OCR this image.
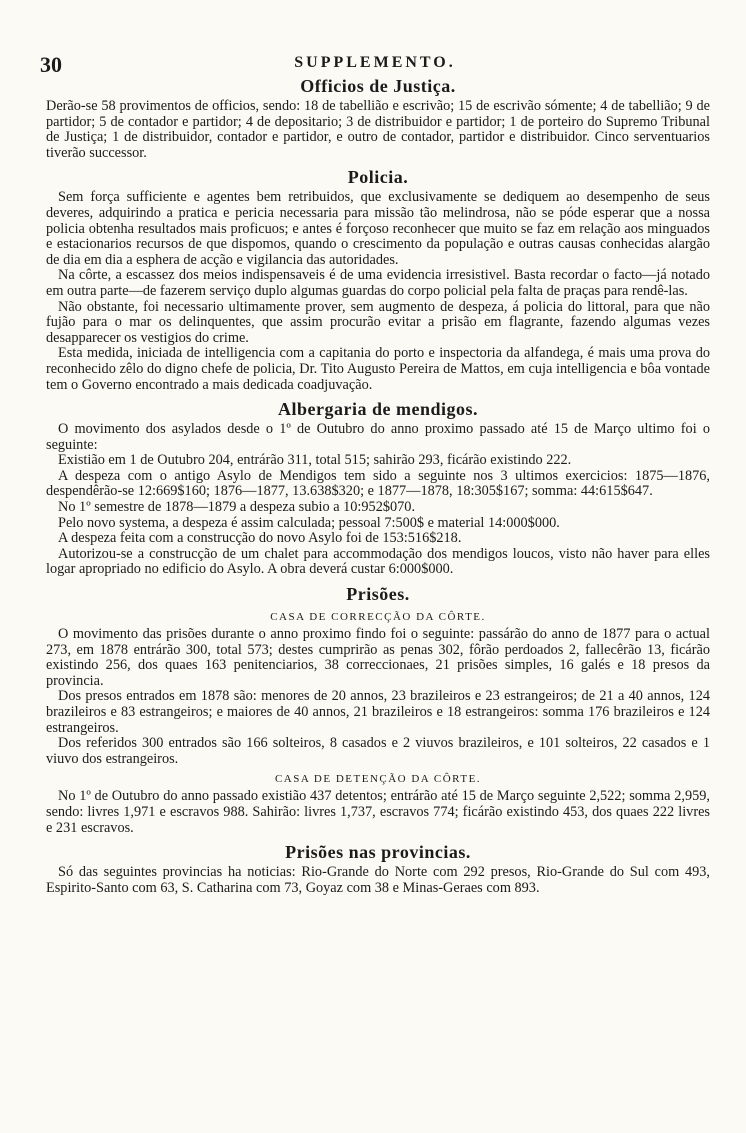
30	SUPPLEMENTO.
Officios de Justiça.

Derão-se 58 provimentos de officios, sendo: 18 de tabellião e escrivão; 15 de escrivão sómente; 4 de tabellião; 9 de partidor; 5 de contador e partidor; 4 de depositario; 3 de distribuidor e partidor; 1 de porteiro do Supremo Tribunal de Justiça; 1 de distribuidor, contador e partidor, e outro de contador, partidor e distribuidor. Cinco serventuarios tiverão successor.

Policia.

Sem força sufficiente e agentes bem retribuidos, que exclusivamente se dediquem ao desempenho de seus deveres, adquirindo a pratica e pericia necessaria para missão tão melindrosa, não se póde esperar que a nossa policia obtenha resultados mais proficuos; e antes é forçoso reconhecer que muito se faz em relação aos minguados e estacionarios recursos de que dispomos, quando o crescimento da população e outras causas conhecidas alargão de dia em dia a esphera de acção e vigilancia das autoridades.

Na côrte, a escassez dos meios indispensaveis é de uma evidencia irresistivel. Basta recordar o facto—já notado em outra parte—de fazerem serviço duplo algumas guardas do corpo policial pela falta de praças para rendê-las.

Não obstante, foi necessario ultimamente prover, sem augmento de despeza, á policia do littoral, para que não fujão para o mar os delinquentes, que assim procurão evitar a prisão em flagrante, fazendo algumas vezes desapparecer os vestigios do crime.

Esta medida, iniciada de intelligencia com a capitania do porto e inspectoria da alfandega, é mais uma prova do reconhecido zêlo do digno chefe de policia, Dr. Tito Augusto Pereira de Mattos, em cuja intelligencia e bôa vontade tem o Governo encontrado a mais dedicada coadjuvação.

Albergaria de mendigos.

O movimento dos asylados desde o 1º de Outubro do anno proximo passado até 15 de Março ultimo foi o seguinte:

Existião em 1 de Outubro 204, entrárão 311, total 515; sahirão 293, ficárão existindo 222.

A despeza com o antigo Asylo de Mendigos tem sido a seguinte nos 3 ultimos exercicios: 1875—1876, despendêrão-se 12:669$160; 1876—1877, 13.638$320; e 1877—1878, 18:305$167; somma: 44:615$647.

No 1º semestre de 1878—1879 a despeza subio a 10:952$070.

Pelo novo systema, a despeza é assim calculada; pessoal 7:500$ e material 14:000$000.

A despeza feita com a construcção do novo Asylo foi de 153:516$218.

Autorizou-se a construcção de um chalet para accommodação dos mendigos loucos, visto não haver para elles logar apropriado no edificio do Asylo. A obra deverá custar 6:000$000.

Prisões.
CASA DE CORRECÇÃO DA CÔRTE.

O movimento das prisões durante o anno proximo findo foi o seguinte: passárão do anno de 1877 para o actual 273, em 1878 entrárão 300, total 573; destes cumprirão as penas 302, fôrão perdoados 2, fallecêrão 13, ficárão existindo 256, dos quaes 163 penitenciarios, 38 correccionaes, 21 prisões simples, 16 galés e 18 presos da provincia.

Dos presos entrados em 1878 são: menores de 20 annos, 23 brazileiros e 23 estrangeiros; de 21 a 40 annos, 124 brazileiros e 83 estrangeiros; e maiores de 40 annos, 21 brazileiros e 18 estrangeiros: somma 176 brazileiros e 124 estrangeiros.

Dos referidos 300 entrados são 166 solteiros, 8 casados e 2 viuvos brazileiros, e 101 solteiros, 22 casados e 1 viuvo dos estrangeiros.

CASA DE DETENÇÃO DA CÔRTE.

No 1º de Outubro do anno passado existião 437 detentos; entrárão até 15 de Março seguinte 2,522; somma 2,959, sendo: livres 1,971 e escravos 988. Sahirão: livres 1,737, escravos 774; ficárão existindo 453, dos quaes 222 livres e 231 escravos.

Prisões nas provincias.

Só das seguintes provincias ha noticias: Rio-Grande do Norte com 292 presos, Rio-Grande do Sul com 493, Espirito-Santo com 63, S. Catharina com 73, Goyaz com 38 e Minas-Geraes com 893.
